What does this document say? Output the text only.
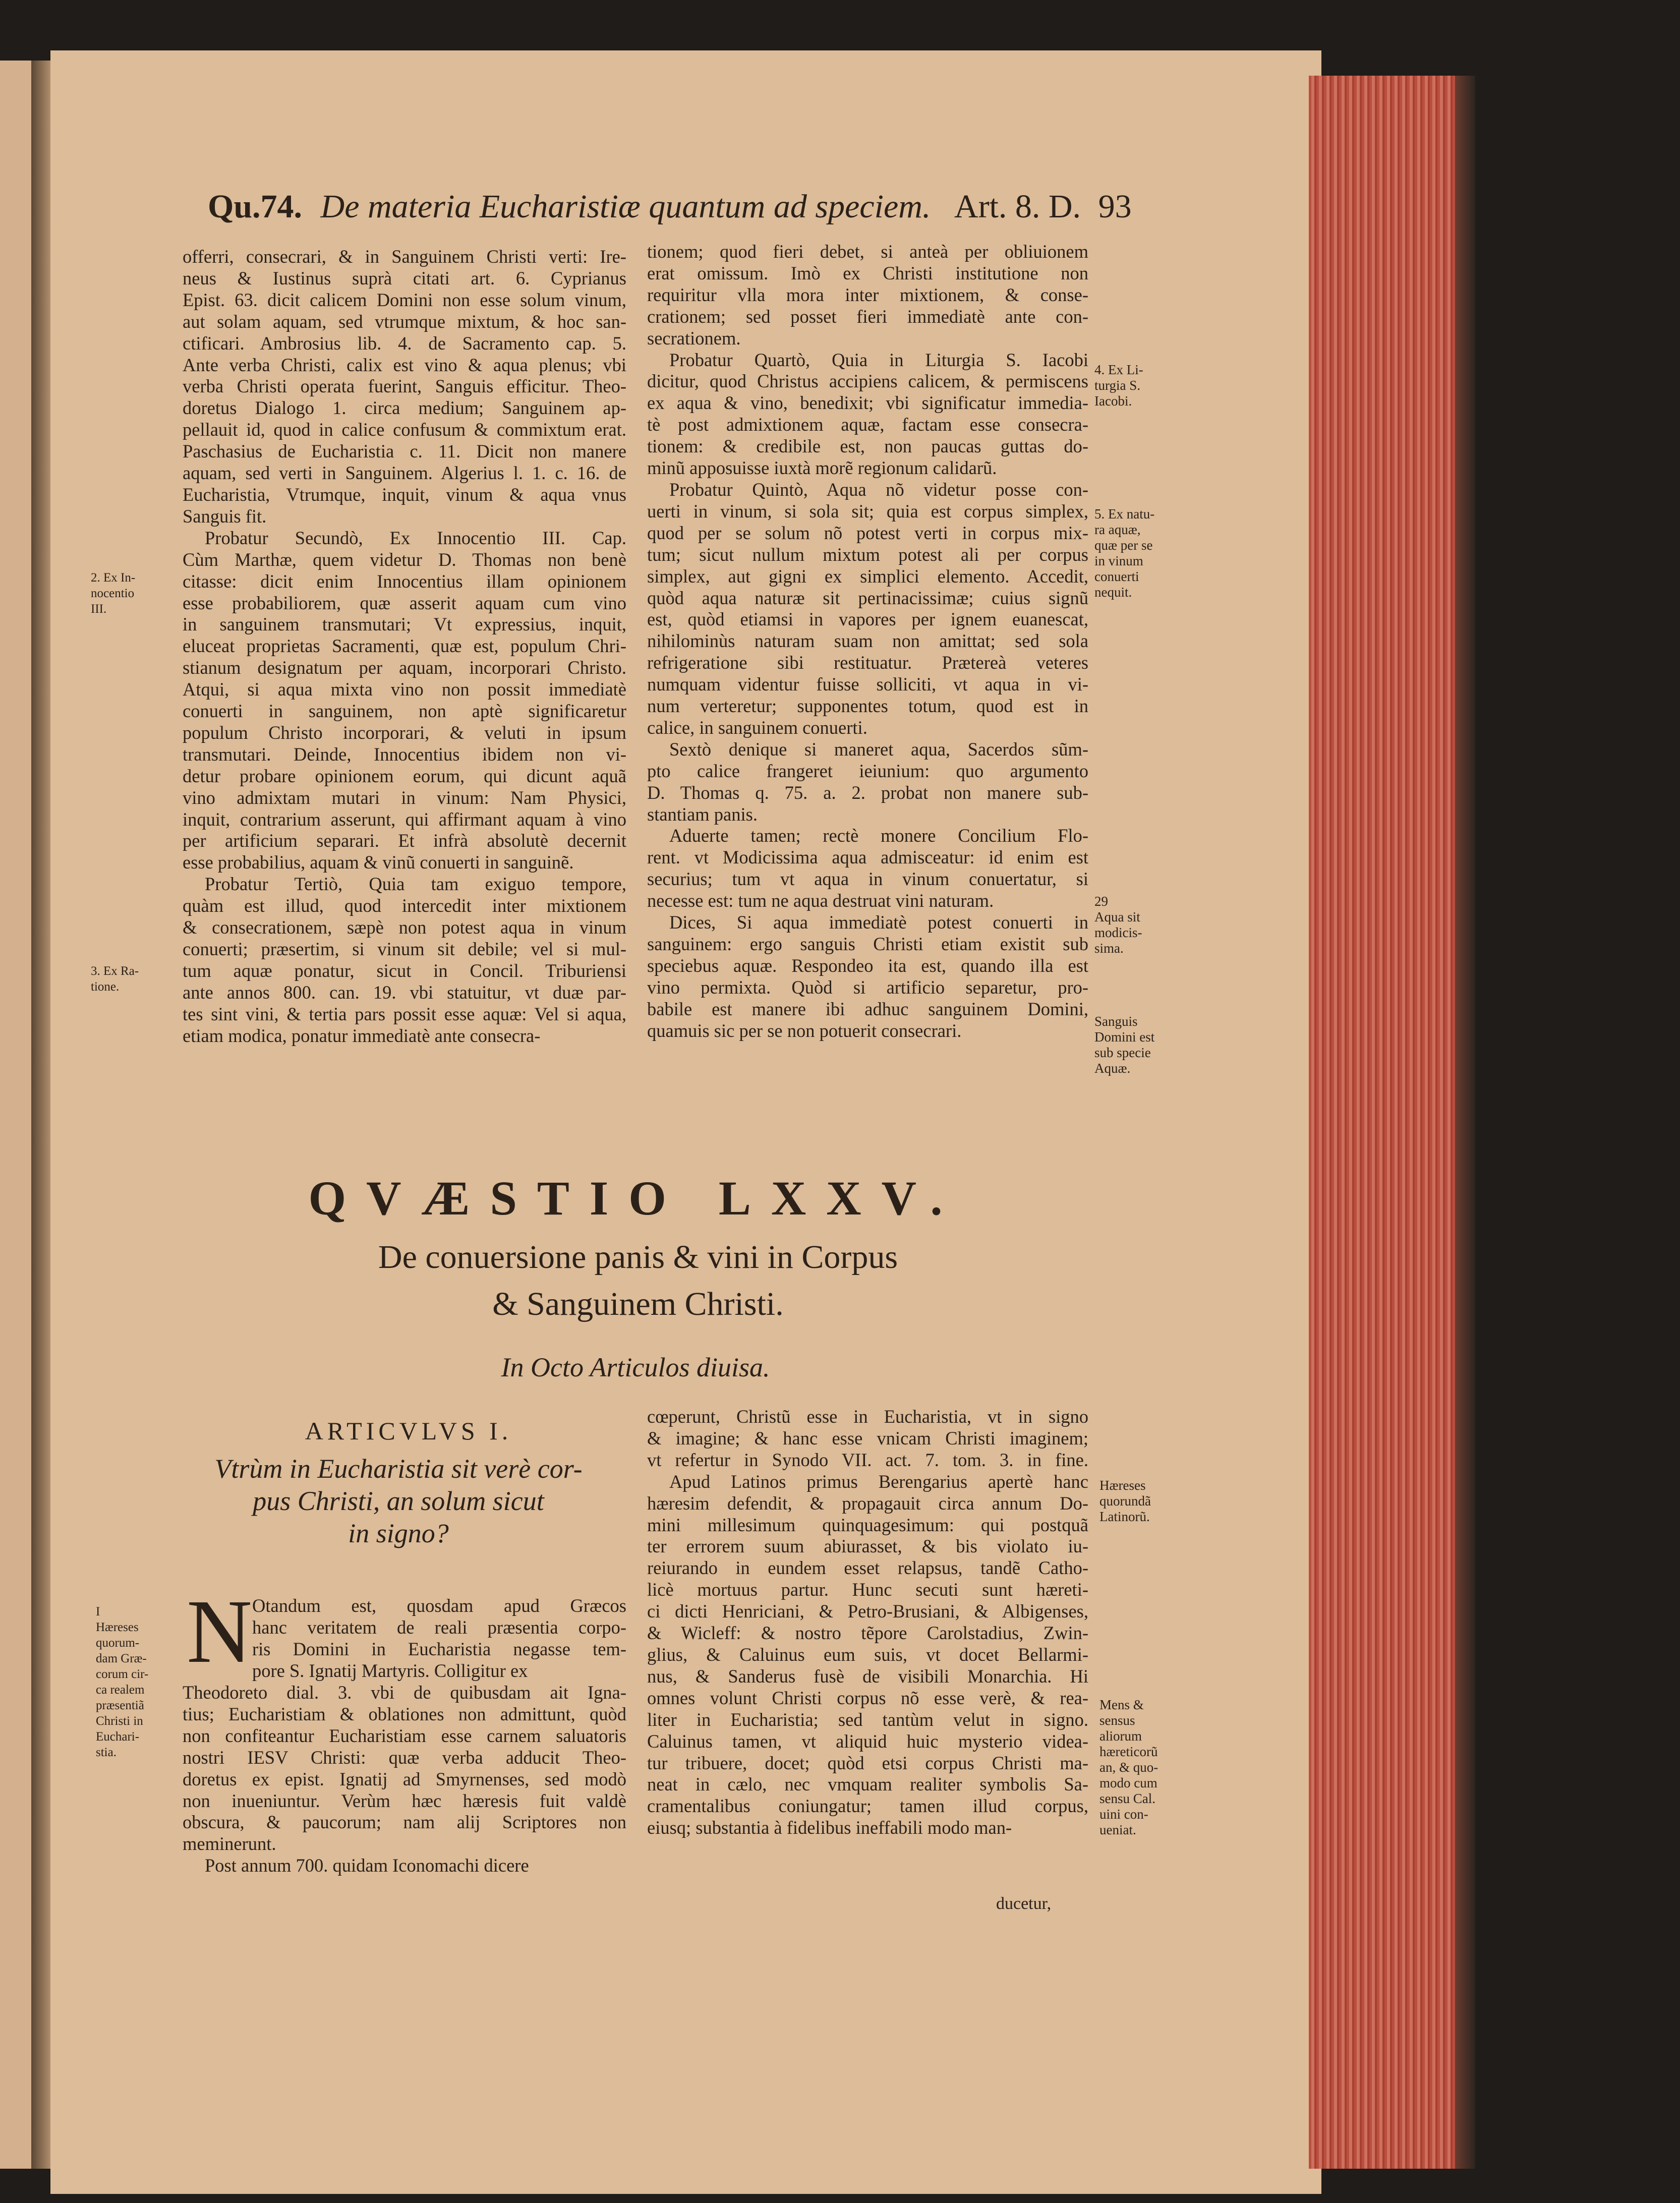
Qu.74. De materia Eucharistiæ quantum ad speciem. Art. 8. D. 93
offerri, consecrari, & in Sanguinem Christi verti: Ire-
neus & Iustinus suprà citati art. 6. Cyprianus
Epist. 63. dicit calicem Domini non esse solum vinum,
aut solam aquam, sed vtrumque mixtum, & hoc san-
ctificari. Ambrosius lib. 4. de Sacramento cap. 5.
Ante verba Christi, calix est vino & aqua plenus; vbi
verba Christi operata fuerint, Sanguis efficitur. Theo-
doretus Dialogo 1. circa medium; Sanguinem ap-
pellauit id, quod in calice confusum & commixtum erat.
Paschasius de Eucharistia c. 11. Dicit non manere
aquam, sed verti in Sanguinem. Algerius l. 1. c. 16. de
Eucharistia, Vtrumque, inquit, vinum & aqua vnus
Sanguis fit.
Probatur Secundò, Ex Innocentio III. Cap.
Cùm Marthæ, quem videtur D. Thomas non benè
citasse: dicit enim Innocentius illam opinionem
esse probabiliorem, quæ asserit aquam cum vino
in sanguinem transmutari; Vt expressius, inquit,
eluceat proprietas Sacramenti, quæ est, populum Chri-
stianum designatum per aquam, incorporari Christo.
Atqui, si aqua mixta vino non possit immediatè
conuerti in sanguinem, non aptè significaretur
populum Christo incorporari, & veluti in ipsum
transmutari. Deinde, Innocentius ibidem non vi-
detur probare opinionem eorum, qui dicunt aquã
vino admixtam mutari in vinum: Nam Physici,
inquit, contrarium asserunt, qui affirmant aquam à vino
per artificium separari. Et infrà absolutè decernit
esse probabilius, aquam & vinũ conuerti in sanguinẽ.
Probatur Tertiò, Quia tam exiguo tempore,
quàm est illud, quod intercedit inter mixtionem
& consecrationem, sæpè non potest aqua in vinum
conuerti; præsertim, si vinum sit debile; vel si mul-
tum aquæ ponatur, sicut in Concil. Triburiensi
ante annos 800. can. 19. vbi statuitur, vt duæ par-
tes sint vini, & tertia pars possit esse aquæ: Vel si aqua,
etiam modica, ponatur immediatè ante consecra-
tionem; quod fieri debet, si anteà per obliuionem
erat omissum. Imò ex Christi institutione non
requiritur vlla mora inter mixtionem, & conse-
crationem; sed posset fieri immediatè ante con-
secrationem.
Probatur Quartò, Quia in Liturgia S. Iacobi
dicitur, quod Christus accipiens calicem, & permiscens
ex aqua & vino, benedixit; vbi significatur immedia-
tè post admixtionem aquæ, factam esse consecra-
tionem: & credibile est, non paucas guttas do-
minũ apposuisse iuxtà morẽ regionum calidarũ.
Probatur Quintò, Aqua nõ videtur posse con-
uerti in vinum, si sola sit; quia est corpus simplex,
quod per se solum nõ potest verti in corpus mix-
tum; sicut nullum mixtum potest ali per corpus
simplex, aut gigni ex simplici elemento. Accedit,
quòd aqua naturæ sit pertinacissimæ; cuius signũ
est, quòd etiamsi in vapores per ignem euanescat,
nihilominùs naturam suam non amittat; sed sola
refrigeratione sibi restituatur. Prætereà veteres
numquam videntur fuisse solliciti, vt aqua in vi-
num verteretur; supponentes totum, quod est in
calice, in sanguinem conuerti.
Sextò denique si maneret aqua, Sacerdos sũm-
pto calice frangeret ieiunium: quo argumento
D. Thomas q. 75. a. 2. probat non manere sub-
stantiam panis.
Aduerte tamen; rectè monere Concilium Flo-
rent. vt Modicissima aqua admisceatur: id enim est
securius; tum vt aqua in vinum conuertatur, si
necesse est: tum ne aqua destruat vini naturam.
Dices, Si aqua immediatè potest conuerti in
sanguinem: ergo sanguis Christi etiam existit sub
speciebus aquæ. Respondeo ita est, quando illa est
vino permixta. Quòd si artificio separetur, pro-
babile est manere ibi adhuc sanguinem Domini,
quamuis sic per se non potuerit consecrari.
2. Ex In-
nocentio
III.
3. Ex Ra-
tione.
4. Ex Li-
turgia S.
Iacobi.
5. Ex natu-
ra aquæ,
quæ per se
in vinum
conuerti
nequit.
29
Aqua sit
modicis-
sima.
Sanguis
Domini est
sub specie
Aquæ.
QVÆSTIO LXXV.
De conuersione panis & vini in Corpus
& Sanguinem Christi.
In Octo Articulos diuisa.
ARTICVLVS I.
Vtrùm in Eucharistia sit verè cor-
pus Christi, an solum sicut
in signo?
N Otandum est, quosdam apud Græcos
hanc veritatem de reali præsentia corpo-
ris Domini in Eucharistia negasse tem-
pore S. Ignatij Martyris. Colligitur ex
Theodoreto dial. 3. vbi de quibusdam ait Igna-
tius; Eucharistiam & oblationes non admittunt, quòd
non confiteantur Eucharistiam esse carnem saluatoris
nostri IESV Christi: quæ verba adducit Theo-
doretus ex epist. Ignatij ad Smyrnenses, sed modò
non inueniuntur. Verùm hæc hæresis fuit valdè
obscura, & paucorum; nam alij Scriptores non
meminerunt.
Post annum 700. quidam Iconomachi dicere
cœperunt, Christũ esse in Eucharistia, vt in signo
& imagine; & hanc esse vnicam Christi imaginem;
vt refertur in Synodo VII. act. 7. tom. 3. in fine.
Apud Latinos primus Berengarius apertè hanc
hæresim defendit, & propagauit circa annum Do-
mini millesimum quinquagesimum: qui postquã
ter errorem suum abiurasset, & bis violato iu-
reiurando in eundem esset relapsus, tandẽ Catho-
licè mortuus partur. Hunc secuti sunt hæreti-
ci dicti Henriciani, & Petro-Brusiani, & Albigenses,
& Wicleff: & nostro tẽpore Carolstadius, Zwin-
glius, & Caluinus eum suis, vt docet Bellarmi-
nus, & Sanderus fusè de visibili Monarchia. Hi
omnes volunt Christi corpus nõ esse verè, & rea-
liter in Eucharistia; sed tantùm velut in signo.
Caluinus tamen, vt aliquid huic mysterio videa-
tur tribuere, docet; quòd etsi corpus Christi ma-
neat in cælo, nec vmquam realiter symbolis Sa-
cramentalibus coniungatur; tamen illud corpus,
eiusq; substantia à fidelibus ineffabili modo man-
I
Hæreses
quorum-
dam Græ-
corum cir-
ca realem
præsentiã
Christi in
Euchari-
stia.
Hæreses
quorundã
Latinorũ.
Mens &
sensus
aliorum
hæreticorũ
an, & quo-
modo cum
sensu Cal.
uini con-
ueniat.
ducetur,
